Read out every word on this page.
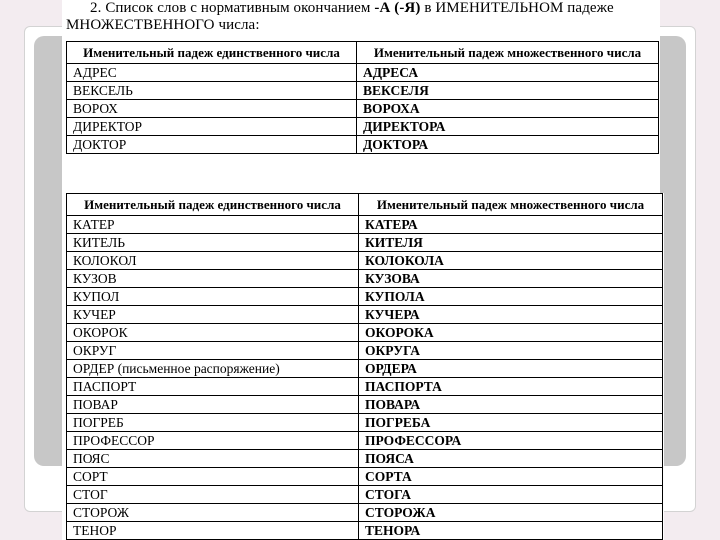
2. Список слов с нормативным окончанием -А (-Я) в ИМЕНИТЕЛЬНОМ падеже
МНОЖЕСТВЕННОГО числа:
Именительный падеж единственного числа	Именительный падеж множественного числа
АДРЕС	АДРЕСА
ВЕКСЕЛЬ	ВЕКСЕЛЯ
ВОРОХ	ВОРОХА
ДИРЕКТОР	ДИРЕКТОРА
ДОКТОР	ДОКТОРА
Именительный падеж единственного числа	Именительный падеж множественного числа
КАТЕР	КАТЕРА
КИТЕЛЬ	КИТЕЛЯ
КОЛОКОЛ	КОЛОКОЛА
КУЗОВ	КУЗОВА
КУПОЛ	КУПОЛА
КУЧЕР	КУЧЕРА
ОКОРОК	ОКОРОКА
ОКРУГ	ОКРУГА
ОРДЕР (письменное распоряжение)	ОРДЕРА
ПАСПОРТ	ПАСПОРТА
ПОВАР	ПОВАРА
ПОГРЕБ	ПОГРЕБА
ПРОФЕССОР	ПРОФЕССОРА
ПОЯС	ПОЯСА
СОРТ	СОРТА
СТОГ	СТОГА
СТОРОЖ	СТОРОЖА
ТЕНОР	ТЕНОРА
